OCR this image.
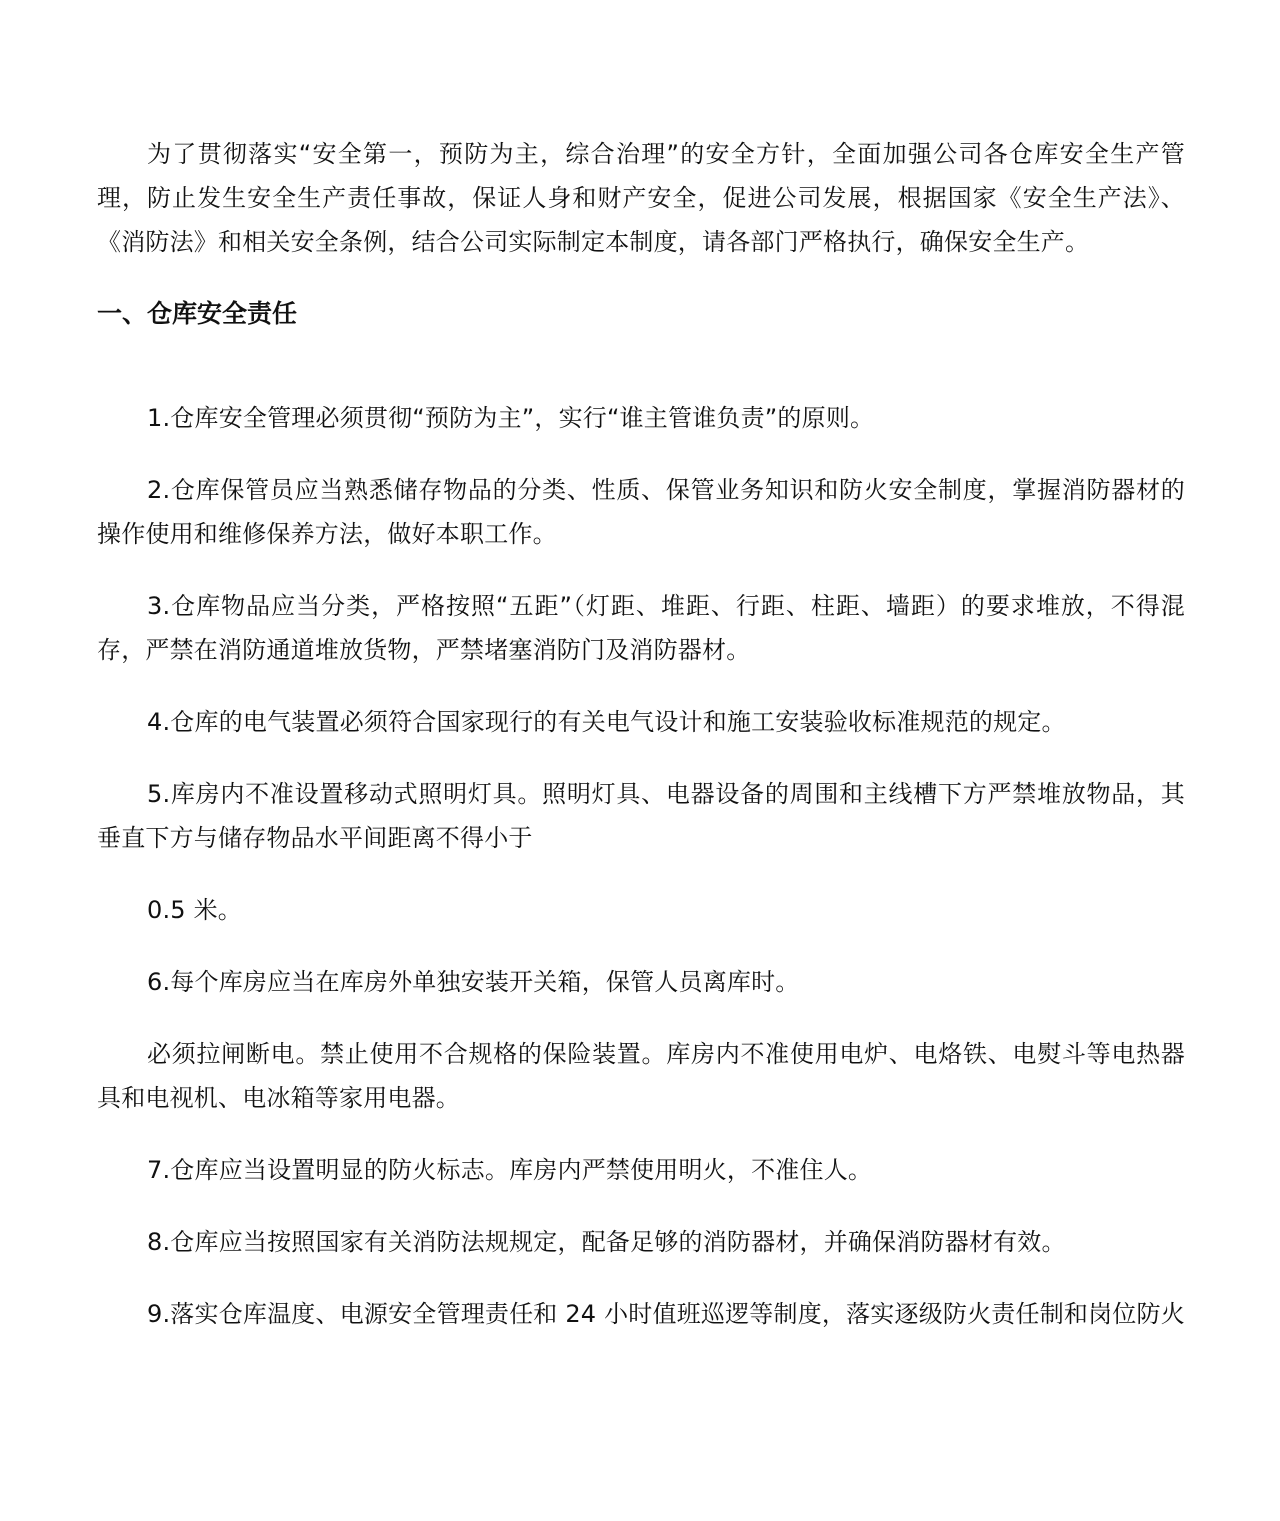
为了贯彻落实“安全第一，预防为主，综合治理”的安全方针，全面加强公司各仓库安全生产管理，防止发生安全生产责任事故，保证人身和财产安全，促进公司发展，根据国家《安全生产法》、《消防法》和相关安全条例，结合公司实际制定本制度，请各部门严格执行，确保安全生产。

一、仓库安全责任

1.仓库安全管理必须贯彻“预防为主”，实行“谁主管谁负责”的原则。

2.仓库保管员应当熟悉储存物品的分类、性质、保管业务知识和防火安全制度，掌握消防器材的操作使用和维修保养方法，做好本职工作。

3.仓库物品应当分类，严格按照“五距”（灯距、堆距、行距、柱距、墙距）的要求堆放，不得混存，严禁在消防通道堆放货物，严禁堵塞消防门及消防器材。

4.仓库的电气装置必须符合国家现行的有关电气设计和施工安装验收标准规范的规定。

5.库房内不准设置移动式照明灯具。照明灯具、电器设备的周围和主线槽下方严禁堆放物品，其垂直下方与储存物品水平间距离不得小于

0.5 米。

6.每个库房应当在库房外单独安装开关箱，保管人员离库时。

必须拉闸断电。禁止使用不合规格的保险装置。库房内不准使用电炉、电烙铁、电熨斗等电热器具和电视机、电冰箱等家用电器。

7.仓库应当设置明显的防火标志。库房内严禁使用明火，不准住人。

8.仓库应当按照国家有关消防法规规定，配备足够的消防器材，并确保消防器材有效。

9.落实仓库温度、电源安全管理责任和 24 小时值班巡逻等制度，落实逐级防火责任制和岗位防火
